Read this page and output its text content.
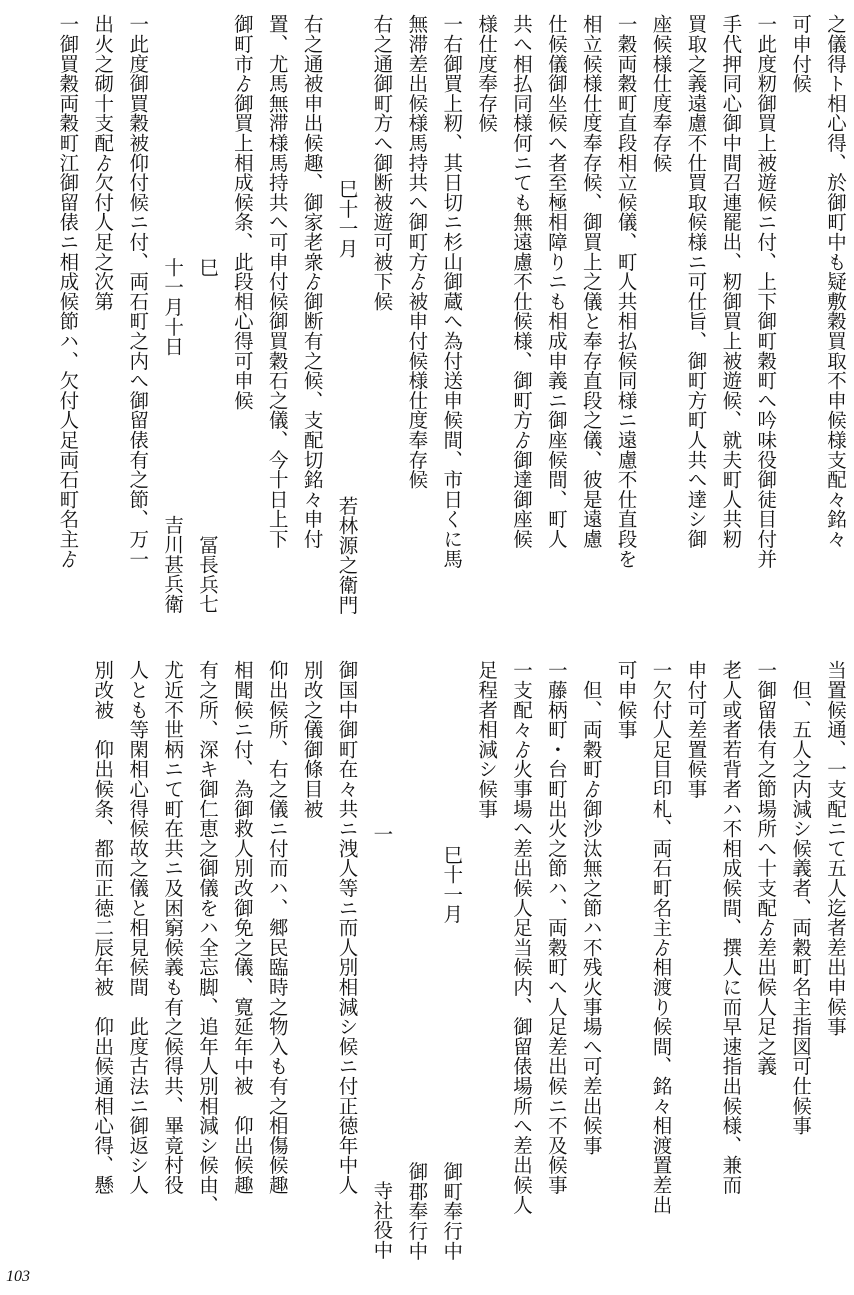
之儀得ト相心得、於御町中も疑敷穀買取不申候様支配々銘々
可申付候
一此度籾御買上被遊候ニ付、上下御町穀町へ吟味役御徒目付并
手代押同心御中間召連罷出、籾御買上被遊候、就夫町人共籾
買取之義遠慮不仕買取候様ニ可仕旨、御町方町人共へ達シ御
座候様仕度奉存候
一穀両穀町直段相立候儀、町人共相払候同様ニ遠慮不仕直段を
相立候様仕度奉存候、御買上之儀と奉存直段之儀、彼是遠慮
仕候儀御坐候へ者至極相障りニも相成申義ニ御座候間、町人
共へ相払同様何ニても無遠慮不仕候様、御町方ゟ御達御座候
様仕度奉存候
一右御買上籾、其日切ニ杉山御蔵へ為付送申候間、市日くに馬
無滞差出候様馬持共へ御町方ゟ被申付候様仕度奉存候
右之通御町方へ御断被遊可被下候
　巳十一月　　　　　　　　　　　　若林源之衛門
右之通被申出候趣、御家老衆ゟ御断有之候、支配切銘々申付
置、尤馬無滞様馬持共へ可申付候御買穀石之儀、今十日上下
御町市ゟ御買上相成候条、此段相心得可申候
　　　巳　　　　　　　　　　　　　冨長兵七
　　　　十一月十日　　　　　　　　吉川甚兵衛
一此度御買穀被仰付候ニ付、両石町之内へ御留俵有之節、万一
出火之砌十支配ゟ欠付人足之次第
一御買穀両穀町江御留俵ニ相成候節ハ、欠付人足両石町名主ゟ
当置候通、一支配ニて五人迄者差出申候事
　但、五人之内減シ候義者、両穀町名主指図可仕候事
一御留俵有之節場所へ十支配ゟ差出候人足之義
老人或者若背者ハ不相成候間、撰人に而早速指出候様、兼而
申付可差置候事
一欠付人足目印札、両石町名主ゟ相渡り候間、銘々相渡置差出
可申候事
　但、両穀町ゟ御沙汰無之節ハ不残火事場へ可差出候事
一藤柄町・台町出火之節ハ、両穀町へ人足差出候ニ不及候事
一支配々ゟ火事場へ差出候人足当候内、御留俵場所へ差出候人
足程者相減シ候事
　　巳十一月　　　　　　　　　　　　御町奉行中
　　　　　　　　　　　　　　　　　　御郡奉行中
一　　　　　　　　　　　　　　　　　寺社役中
御国中御町在々共ニ洩人等ニ而人別相減シ候ニ付正徳年中人
別改之儀御條目被
仰出候所、右之儀ニ付而ハ、郷民臨時之物入も有之相傷候趣
相聞候ニ付、為御救人別改御免之儀、寛延年中被　仰出候趣
有之所、深キ御仁恵之御儀をハ全忘脚、追年人別相減シ候由、
尤近不世柄ニて町在共ニ及困窮候義も有之候得共、畢竟村役
人とも等閑相心得候故之儀と相見候間　此度古法ニ御返シ人
別改被　仰出候条、都而正徳二辰年被　仰出候通相心得、懸
103
